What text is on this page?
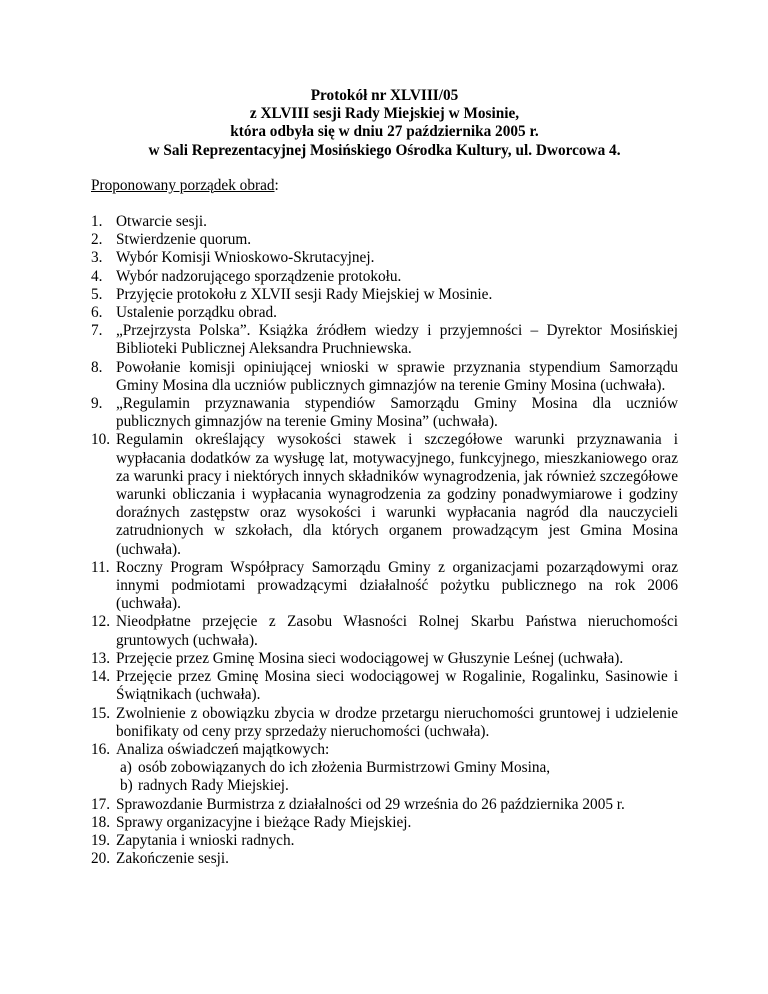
Protokół nr XLVIII/05
z XLVIII sesji Rady Miejskiej w Mosinie,
która odbyła się w dniu 27 października 2005 r.
w Sali Reprezentacyjnej Mosińskiego Ośrodka Kultury, ul. Dworcowa 4.
Proponowany porządek obrad:
1. Otwarcie sesji.
2. Stwierdzenie quorum.
3. Wybór Komisji Wnioskowo-Skrutacyjnej.
4. Wybór nadzorującego sporządzenie protokołu.
5. Przyjęcie protokołu z XLVII sesji Rady Miejskiej w Mosinie.
6. Ustalenie porządku obrad.
7. „Przejrzysta Polska”. Książka źródłem wiedzy i przyjemności – Dyrektor Mosińskiej Biblioteki Publicznej Aleksandra Pruchniewska.
8. Powołanie komisji opiniującej wnioski w sprawie przyznania stypendium Samorządu Gminy Mosina dla uczniów publicznych gimnazjów na terenie Gminy Mosina (uchwała).
9. „Regulamin przyznawania stypendiów Samorządu Gminy Mosina dla uczniów publicznych gimnazjów na terenie Gminy Mosina” (uchwała).
10. Regulamin określający wysokości stawek i szczegółowe warunki przyznawania i wypłacania dodatków za wysługę lat, motywacyjnego, funkcyjnego, mieszkaniowego oraz za warunki pracy i niektórych innych składników wynagrodzenia, jak również szczegółowe warunki obliczania i wypłacania wynagrodzenia za godziny ponadwymiarowe i godziny doraźnych zastępstw oraz wysokości i warunki wypłacania nagród dla nauczycieli zatrudnionych w szkołach, dla których organem prowadzącym jest Gmina Mosina (uchwała).
11. Roczny Program Współpracy Samorządu Gminy z organizacjami pozarządowymi oraz innymi podmiotami prowadzącymi działalność pożytku publicznego na rok 2006 (uchwała).
12. Nieodpłatne przejęcie z Zasobu Własności Rolnej Skarbu Państwa nieruchomości gruntowych (uchwała).
13. Przejęcie przez Gminę Mosina sieci wodociągowej w Głuszynie Leśnej (uchwała).
14. Przejęcie przez Gminę Mosina sieci wodociągowej w Rogalinie, Rogalinku, Sasinowie i Świątnikach (uchwała).
15. Zwolnienie z obowiązku zbycia w drodze przetargu nieruchomości gruntowej i udzielenie bonifikaty od ceny przy sprzedaży nieruchomości (uchwała).
16. Analiza oświadczeń majątkowych:
a) osób zobowiązanych do ich złożenia Burmistrzowi Gminy Mosina,
b) radnych Rady Miejskiej.
17. Sprawozdanie Burmistrza z działalności od 29 września do 26 października 2005 r.
18. Sprawy organizacyjne i bieżące Rady Miejskiej.
19. Zapytania i wnioski radnych.
20. Zakończenie sesji.
